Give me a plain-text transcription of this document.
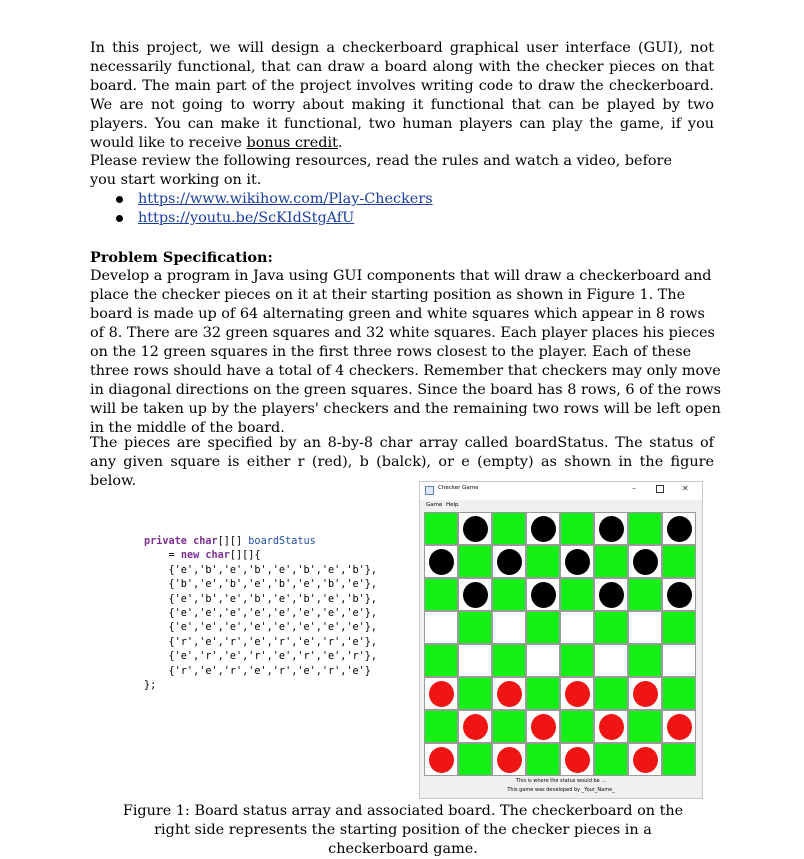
In this project, we will design a checkerboard graphical user interface (GUI), not necessarily functional, that can draw a board along with the checker pieces on that board. The main part of the project involves writing code to draw the checkerboard. We are not going to worry about making it functional that can be played by two players. You can make it functional, two human players can play the game, if you would like to receive bonus credit.

Please review the following resources, read the rules and watch a video, before you start working on it.

https://www.wikihow.com/Play-Checkers
https://youtu.be/ScKIdStgAfU

Problem Specification:

Develop a program in Java using GUI components that will draw a checkerboard and place the checker pieces on it at their starting position as shown in Figure 1. The board is made up of 64 alternating green and white squares which appear in 8 rows of 8. There are 32 green squares and 32 white squares. Each player places his pieces on the 12 green squares in the first three rows closest to the player. Each of these three rows should have a total of 4 checkers. Remember that checkers may only move in diagonal directions on the green squares. Since the board has 8 rows, 6 of the rows will be taken up by the players' checkers and the remaining two rows will be left open in the middle of the board.

The pieces are specified by an 8-by-8 char array called boardStatus. The status of any given square is either r (red), b (balck), or e (empty) as shown in the figure below.

private char[][] boardStatus
= new char[][]{
{'e','b','e','b','e','b','e','b'},
{'b','e','b','e','b','e','b','e'},
{'e','b','e','b','e','b','e','b'},
{'e','e','e','e','e','e','e','e'},
{'e','e','e','e','e','e','e','e'},
{'r','e','r','e','r','e','r','e'},
{'e','r','e','r','e','r','e','r'},
{'r','e','r','e','r','e','r','e'}
};
Checker Game	–	✕
Game Help
This is where the status would be ...
This game was developed by _Your_Name_

Figure 1: Board status array and associated board. The checkerboard on the right side represents the starting position of the checker pieces in a checkerboard game.
